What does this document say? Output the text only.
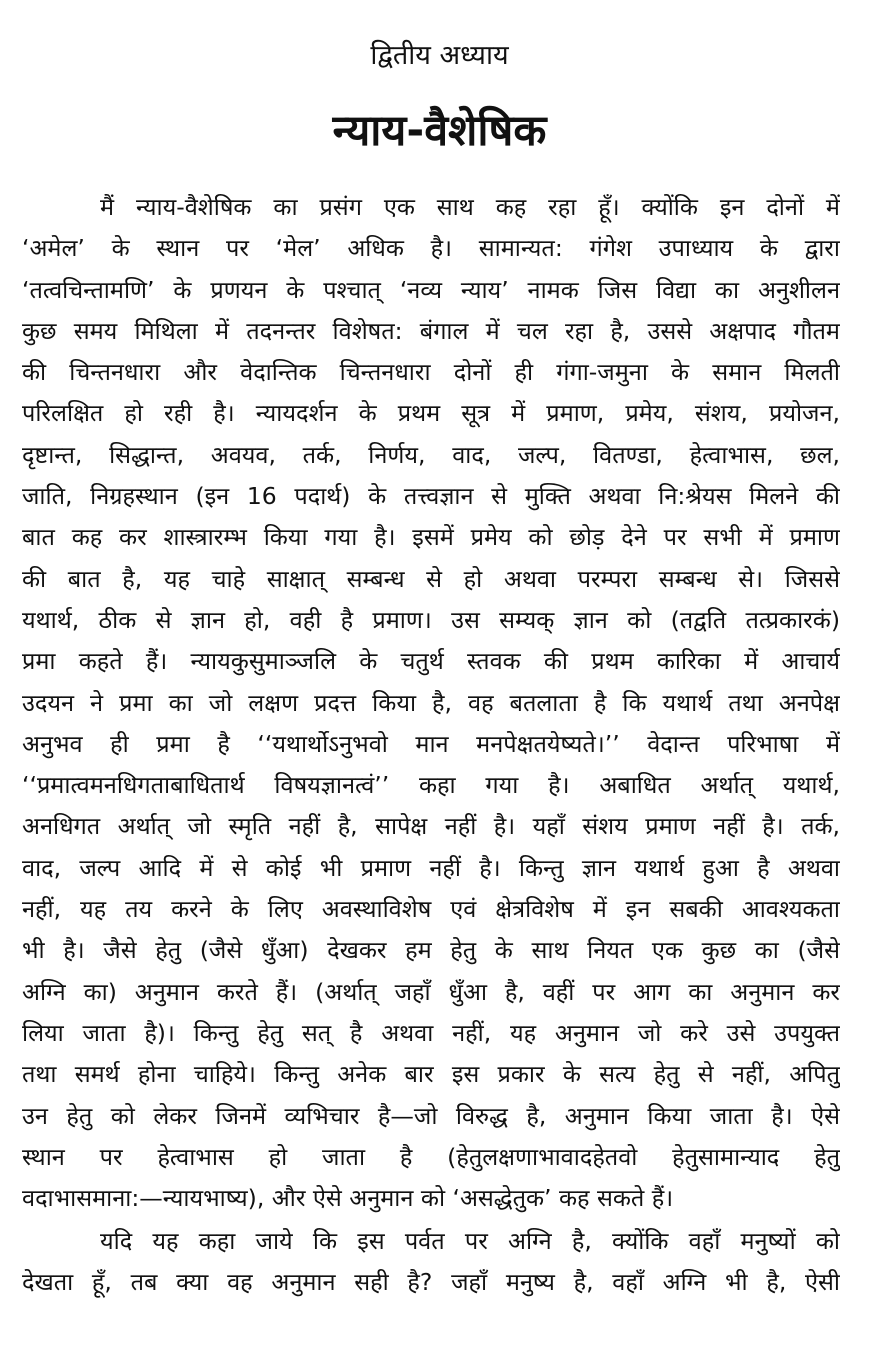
द्वितीय अध्याय
न्याय-वैशेषिक
मैं न्याय-वैशेषिक का प्रसंग एक साथ कह रहा हूँ। क्योंकि इन दोनों में
‘अमेल’ के स्थान पर ‘मेल’ अधिक है। सामान्यत: गंगेश उपाध्याय के द्वारा
‘तत्वचिन्तामणि’ के प्रणयन के पश्चात्‌ ‘नव्य न्याय’ नामक जिस विद्या का अनुशीलन
कुछ समय मिथिला में तदनन्तर विशेषत: बंगाल में चल रहा है, उससे अक्षपाद गौतम
की चिन्तनधारा और वेदान्तिक चिन्तनधारा दोनों ही गंगा-जमुना के समान मिलती
परिलक्षित हो रही है। न्यायदर्शन के प्रथम सूत्र में प्रमाण, प्रमेय, संशय, प्रयोजन,
दृष्टान्त, सिद्धान्त, अवयव, तर्क, निर्णय, वाद, जल्प, वितण्डा, हेत्वाभास, छल,
जाति, निग्रहस्थान (इन 16 पदार्थ) के तत्त्वज्ञान से मुक्ति अथवा नि:श्रेयस मिलने की
बात कह कर शास्त्रारम्भ किया गया है। इसमें प्रमेय को छोड़ देने पर सभी में प्रमाण
की बात है, यह चाहे साक्षात्‌ सम्बन्ध से हो अथवा परम्परा सम्बन्ध से। जिससे
यथार्थ, ठीक से ज्ञान हो, वही है प्रमाण। उस सम्यक्‌ ज्ञान को (तद्वति तत्प्रकारकं)
प्रमा कहते हैं। न्यायकुसुमाञ्जलि के चतुर्थ स्तवक की प्रथम कारिका में आचार्य
उदयन ने प्रमा का जो लक्षण प्रदत्त किया है, वह बतलाता है कि यथार्थ तथा अनपेक्ष
अनुभव ही प्रमा है ‘‘यथार्थोऽनुभवो मान मनपेक्षतयेष्यते।’’ वेदान्त परिभाषा में
‘‘प्रमात्वमनधिगताबाधितार्थ विषयज्ञानत्वं’’ कहा गया है। अबाधित अर्थात्‌ यथार्थ,
अनधिगत अर्थात्‌ जो स्मृति नहीं है, सापेक्ष नहीं है। यहाँ संशय प्रमाण नहीं है। तर्क,
वाद, जल्प आदि में से कोई भी प्रमाण नहीं है। किन्तु ज्ञान यथार्थ हुआ है अथवा
नहीं, यह तय करने के लिए अवस्थाविशेष एवं क्षेत्रविशेष में इन सबकी आवश्यकता
भी है। जैसे हेतु (जैसे धुँआ) देखकर हम हेतु के साथ नियत एक कुछ का (जैसे
अग्नि का) अनुमान करते हैं। (अर्थात्‌ जहाँ धुँआ है, वहीं पर आग का अनुमान कर
लिया जाता है)। किन्तु हेतु सत्‌ है अथवा नहीं, यह अनुमान जो करे उसे उपयुक्त
तथा समर्थ होना चाहिये। किन्तु अनेक बार इस प्रकार के सत्य हेतु से नहीं, अपितु
उन हेतु को लेकर जिनमें व्यभिचार है—जो विरुद्ध है, अनुमान किया जाता है। ऐसे
स्थान पर हेत्वाभास हो जाता है (हेतुलक्षणाभावादहेतवो हेतुसामान्याद हेतु
वदाभासमाना:—न्यायभाष्य), और ऐसे अनुमान को ‘असद्धेतुक’ कह सकते हैं।
यदि यह कहा जाये कि इस पर्वत पर अग्नि है, क्योंकि वहाँ मनुष्यों को
देखता हूँ, तब क्या वह अनुमान सही है? जहाँ मनुष्य है, वहाँ अग्नि भी है, ऐसी
